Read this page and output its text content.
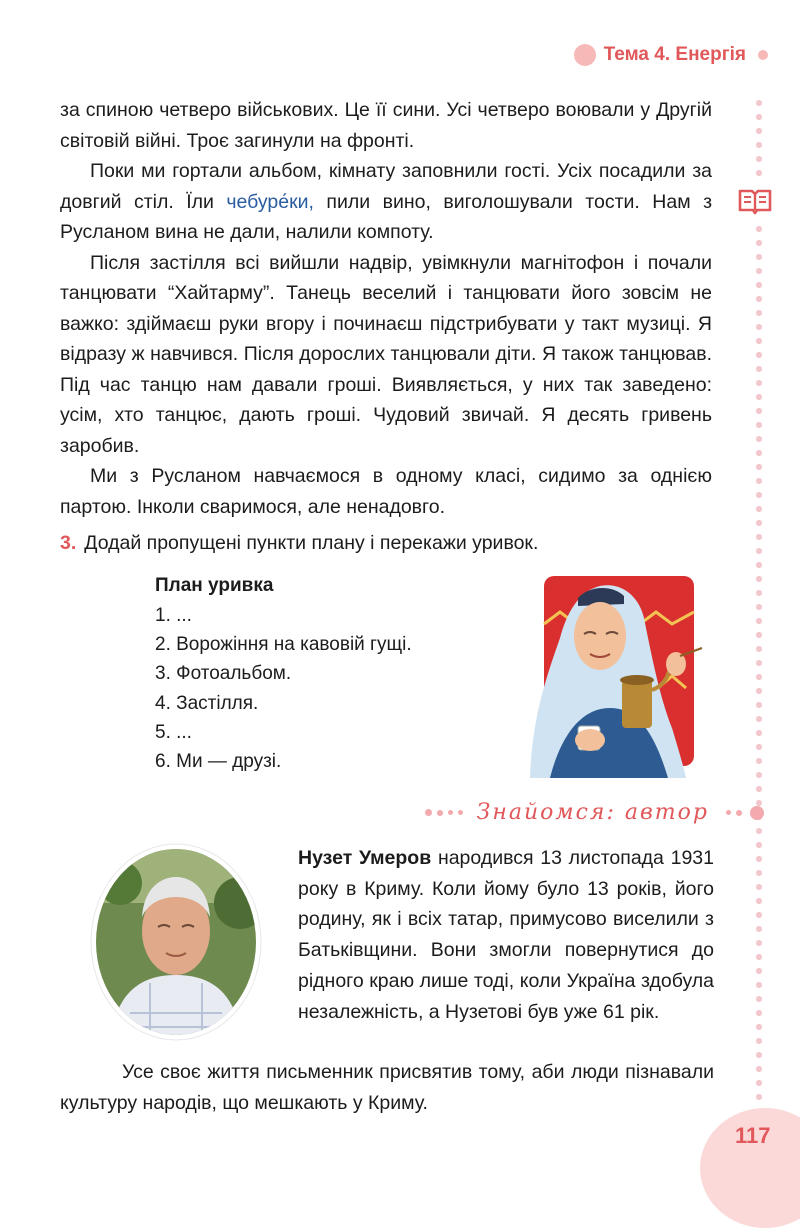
Тема 4. Енергія

за спиною четверо військових. Це її сини. Усі четверо воювали у Другій світовій війні. Троє загинули на фронті.

Поки ми гортали альбом, кімнату заповнили гості. Усіх посадили за довгий стіл. Їли чебуре́ки, пили вино, виголошували тости. Нам з Русланом вина не дали, налили компоту.

Після застілля всі вийшли надвір, увімкнули магнітофон і почали танцювати “Хайтарму”. Танець веселий і танцювати його зовсім не важко: здіймаєш руки вгору і починаєш підстрибувати у такт музиці. Я відразу ж навчився. Після дорослих танцювали діти. Я також танцював. Під час танцю нам давали гроші. Виявляється, у них так заведено: усім, хто танцює, дають гроші. Чудовий звичай. Я десять гривень заробив.

Ми з Русланом навчаємося в одному класі, сидимо за однією партою. Інколи сваримося, але ненадовго.

3. Додай пропущені пункти плану і перекажи уривок.

План уривка

1. ...
2. Ворожіння на кавовій гущі.
3. Фотоальбом.
4. Застілля.
5. ...
6. Ми — друзі.
Знайомся: автор

Нузет Умеров народився 13 листопада 1931 року в Криму. Коли йому було 13 років, його родину, як і всіх татар, примусово виселили з Батьківщини. Вони змогли повернутися до рідного краю лише тоді, коли Україна здобула незалежність, а Нузетові був уже 61 рік.

Усе своє життя письменник присвятив тому, аби люди пізнавали культуру народів, що мешкають у Криму.

117
